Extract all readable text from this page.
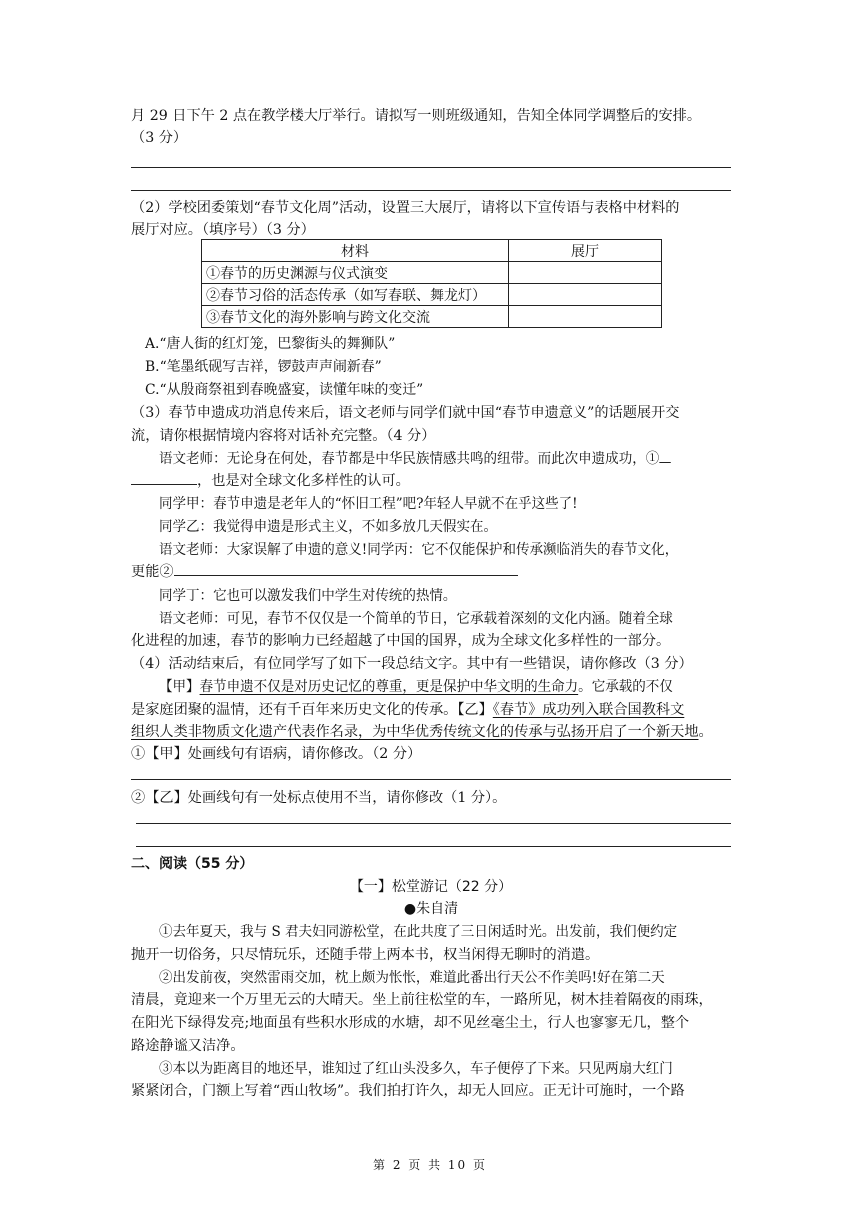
月 29 日下午 2 点在教学楼大厅举行。请拟写一则班级通知，告知全体同学调整后的安排。
（3 分）
（2）学校团委策划“春节文化周”活动，设置三大展厅，请将以下宣传语与表格中材料的
展厅对应。（填序号）（3 分）
材料	展厅
①春节的历史渊源与仪式演变	
②春节习俗的活态传承（如写春联、舞龙灯）	
③春节文化的海外影响与跨文化交流	
A.“唐人街的红灯笼，巴黎街头的舞狮队”
B.“笔墨纸砚写吉祥，锣鼓声声闹新春”
C.“从殷商祭祖到春晚盛宴，读懂年味的变迁”
（3）春节申遗成功消息传来后，语文老师与同学们就中国“春节申遗意义”的话题展开交
流，请你根据情境内容将对话补充完整。（4 分）
语文老师：无论身在何处，春节都是中华民族情感共鸣的纽带。而此次申遗成功，①
，也是对全球文化多样性的认可。
同学甲：春节申遗是老年人的“怀旧工程”吧?年轻人早就不在乎这些了!
同学乙：我觉得申遗是形式主义，不如多放几天假实在。
语文老师：大家误解了申遗的意义!同学丙：它不仅能保护和传承濒临消失的春节文化，
更能②
同学丁：它也可以激发我们中学生对传统的热情。
语文老师：可见，春节不仅仅是一个简单的节日，它承载着深刻的文化内涵。随着全球
化进程的加速，春节的影响力已经超越了中国的国界，成为全球文化多样性的一部分。
（4）活动结束后，有位同学写了如下一段总结文字。其中有一些错误，请你修改（3 分）
【甲】春节申遗不仅是对历史记忆的尊重，更是保护中华文明的生命力。它承载的不仅
是家庭团聚的温情，还有千百年来历史文化的传承。【乙】《春节》成功列入联合国教科文
组织人类非物质文化遗产代表作名录，为中华优秀传统文化的传承与弘扬开启了一个新天地。
①【甲】处画线句有语病，请你修改。（2 分）
②【乙】处画线句有一处标点使用不当，请你修改（1 分）。
二、阅读（55 分）
【一】松堂游记（22 分）
●朱自清
①去年夏天，我与 S 君夫妇同游松堂，在此共度了三日闲适时光。出发前，我们便约定
抛开一切俗务，只尽情玩乐，还随手带上两本书，权当闲得无聊时的消遣。
②出发前夜，突然雷雨交加，枕上颇为怅怅，难道此番出行天公不作美吗!好在第二天
清晨，竟迎来一个万里无云的大晴天。坐上前往松堂的车，一路所见，树木挂着隔夜的雨珠，
在阳光下绿得发亮;地面虽有些积水形成的水塘，却不见丝毫尘土，行人也寥寥无几，整个
路途静谧又洁净。
③本以为距离目的地还早，谁知过了红山头没多久，车子便停了下来。只见两扇大红门
紧紧闭合，门额上写着“西山牧场”。我们拍打许久，却无人回应。正无计可施时，一个路
第 2 页 共 10 页
